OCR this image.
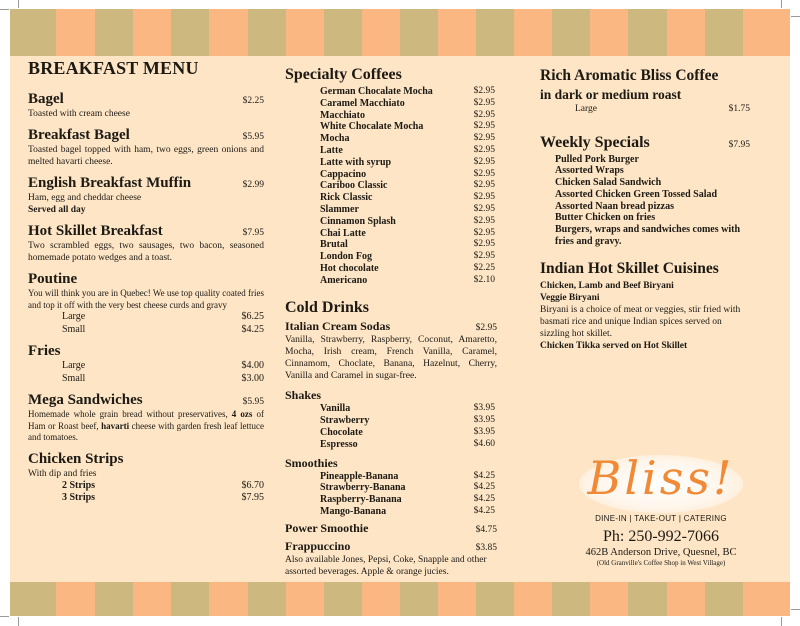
BREAKFAST MENU
Bagel	$2.25
Toasted with cream cheese
Breakfast Bagel	$5.95
Toasted bagel topped with ham, two eggs, green onions and melted havarti cheese.
English Breakfast Muffin	$2.99
Ham, egg and cheddar cheese
Served all day
Hot Skillet Breakfast	$7.95
Two scrambled eggs, two sausages, two bacon, seasoned homemade potato wedges and a toast.
Poutine
You will think you are in Quebec! We use top quality coated fries and top it off with the very best cheese curds and gravy
Large	$6.25
Small	$4.25
Fries
Large	$4.00
Small	$3.00
Mega Sandwiches	$5.95
Homemade whole grain bread without preservatives, 4 ozs of Ham or Roast beef, havarti cheese with garden fresh leaf lettuce and tomatoes.
Chicken Strips
With dip and fries
2 Strips	$6.70
3 Strips	$7.95
Specialty Coffees
German Chocalate Mocha	$2.95
Caramel Macchiato	$2.95
Macchiato	$2.95
White Chocalate Mocha	$2.95
Mocha	$2.95
Latte	$2.95
Latte with syrup	$2.95
Cappacino	$2.95
Cariboo Classic	$2.95
Rick Classic	$2.95
Slammer	$2.95
Cinnamon Splash	$2.95
Chai Latte	$2.95
Brutal	$2.95
London Fog	$2.95
Hot chocolate	$2.25
Americano	$2.10
Cold Drinks
Italian Cream Sodas	$2.95
Vanilla, Strawberry, Raspberry, Coconut, Amaretto, Mocha, Irish cream, French Vanilla, Caramel, Cinnamom, Choclate, Banana, Hazelnut, Cherry, Vanilla and Caramel in sugar-free.
Shakes
Vanilla	$3.95
Strawberry	$3.95
Chocolate	$3.95
Espresso	$4.60
Smoothies
Pineapple-Banana	$4.25
Strawberry-Banana	$4.25
Raspberry-Banana	$4.25
Mango-Banana	$4.25
Power Smoothie	$4.75
Frappuccino	$3.85
Also available Jones, Pepsi, Coke, Snapple and other assorted beverages. Apple & orange jucies.
Rich Aromatic Bliss Coffee
in dark or medium roast
Large	$1.75
Weekly Specials	$7.95
Pulled Pork Burger
Assorted Wraps
Chicken Salad Sandwich
Assorted Chicken Green Tossed Salad
Assorted Naan bread pizzas
Butter Chicken on fries
Burgers, wraps and sandwiches comes with fries and gravy.
Indian Hot Skillet Cuisines
Chicken, Lamb and Beef Biryani
Veggie Biryani
Biryani is a choice of meat or veggies, stir fried with basmati rice and unique Indian spices served on sizzling hot skillet.
Chicken Tikka served on Hot Skillet
Bliss!
DINE-IN | TAKE-OUT | CATERING
Ph: 250-992-7066
462B Anderson Drive, Quesnel, BC
(Old Granville's Coffee Shop in West Village)
